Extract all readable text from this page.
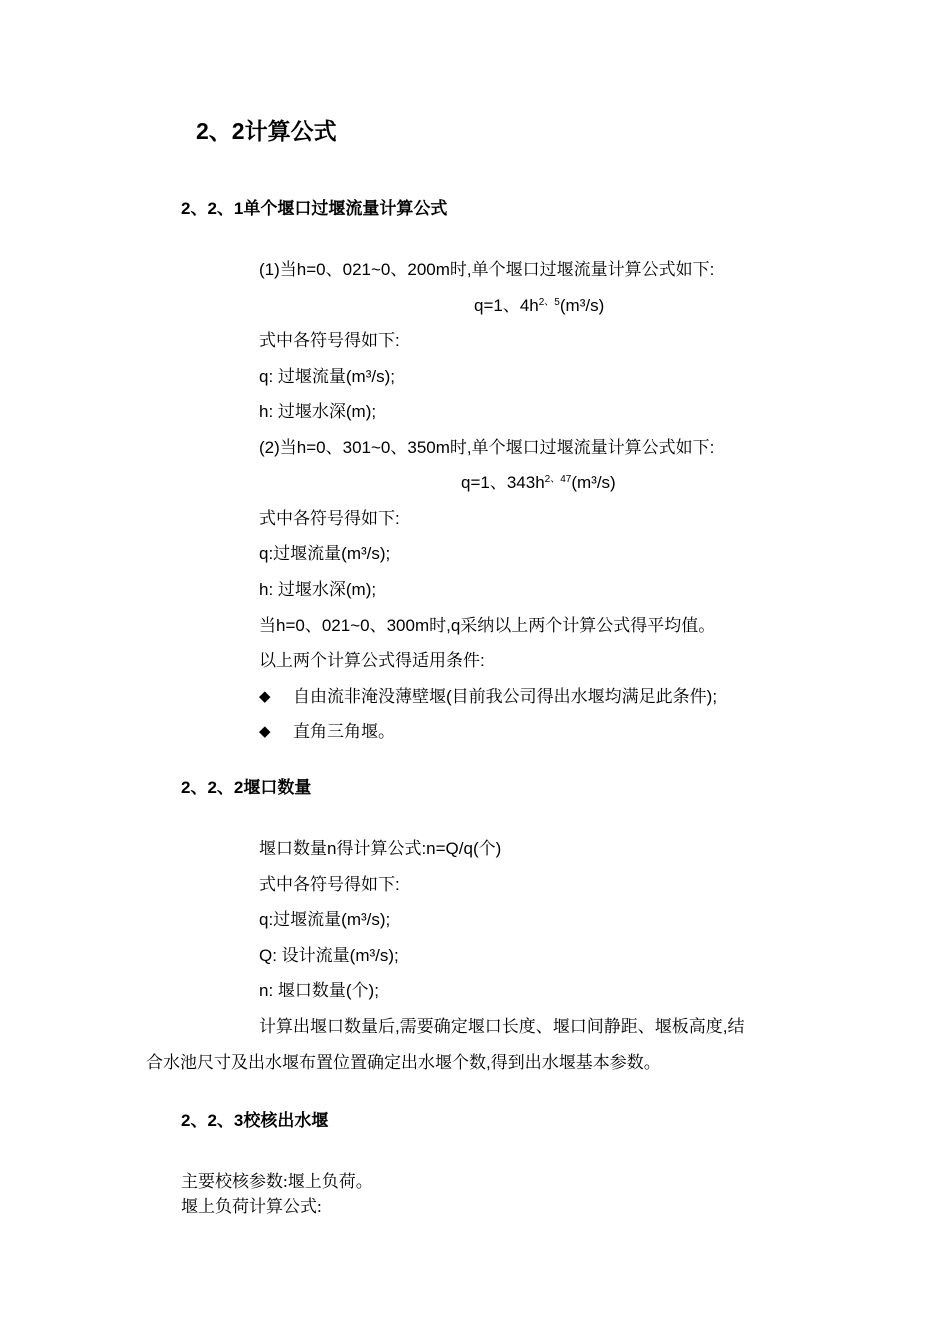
2、2计算公式
2、2、1单个堰口过堰流量计算公式
(1)当h=0、021~0、200m时,单个堰口过堰流量计算公式如下:
q=1、$4h^{2、5}(m^3/s)$
式中各符号得如下:
q: 过堰流量(m³/s);
h: 过堰水深(m);
(2)当h=0、301~0、350m时,单个堰口过堰流量计算公式如下:
q=1、$343h^{2、47}(m^3/s)$
式中各符号得如下:
q:过堰流量(m³/s);
h: 过堰水深(m);
当h=0、021~0、300m时,q采纳以上两个计算公式得平均值。
以上两个计算公式得适用条件:
◆ 自由流非淹没薄壁堰(目前我公司得出水堰均满足此条件);
◆ 直角三角堰。
2、2、2堰口数量
堰口数量n得计算公式:n=Q/q(个)
式中各符号得如下:
q:过堰流量(m³/s);
Q: 设计流量(m³/s);
n: 堰口数量(个);
计算出堰口数量后,需要确定堰口长度、堰口间静距、堰板高度,结
合水池尺寸及出水堰布置位置确定出水堰个数,得到出水堰基本参数。
2、2、3校核出水堰
主要校核参数:堰上负荷。
堰上负荷计算公式:
